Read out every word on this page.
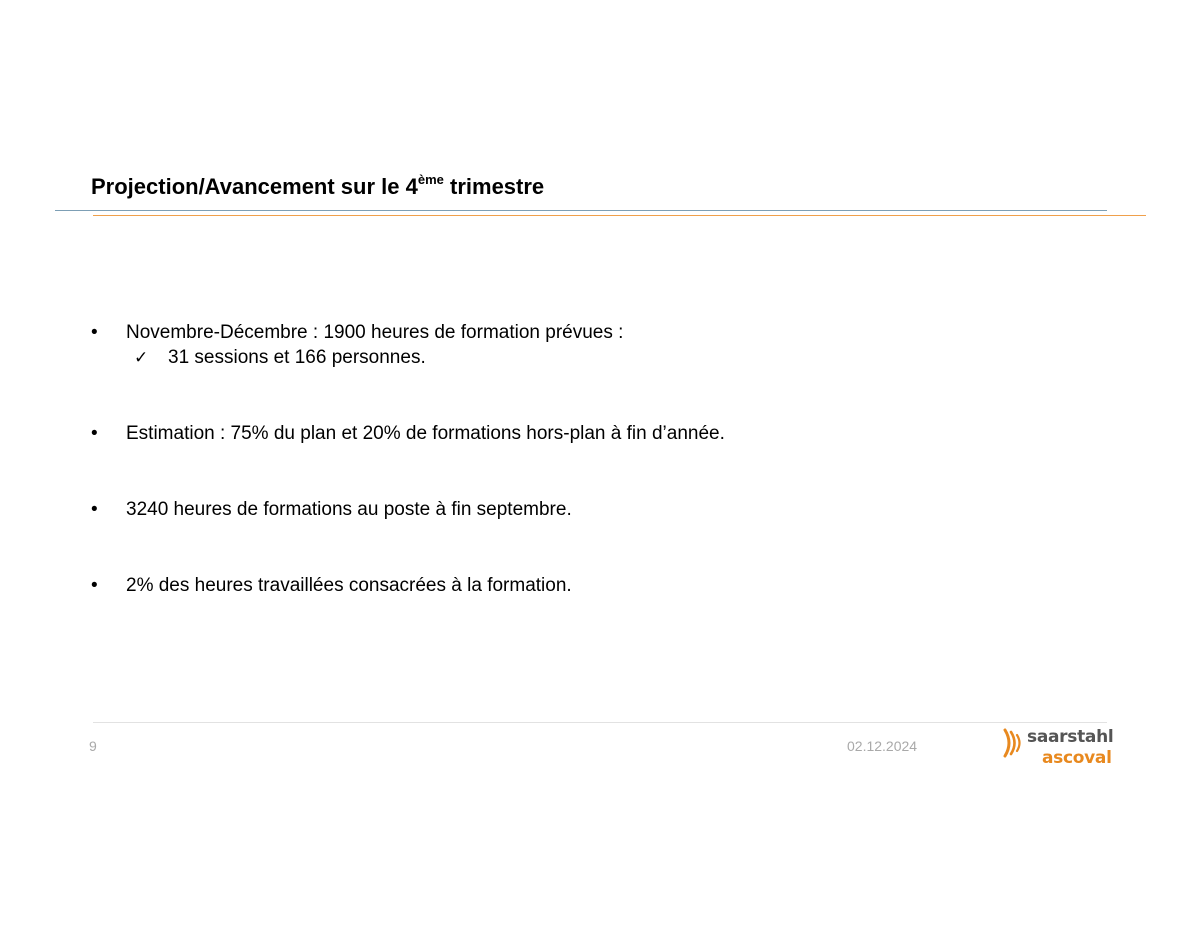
Projection/Avancement sur le 4ème trimestre
• Novembre-Décembre : 1900 heures de formation prévues :
✓ 31 sessions et 166 personnes.
• Estimation : 75% du plan et 20% de formations hors-plan à fin d’année.
• 3240 heures de formations au poste à fin septembre.
• 2% des heures travaillées consacrées à la formation.
9	02.12.2024	saarstahl
ascoval
